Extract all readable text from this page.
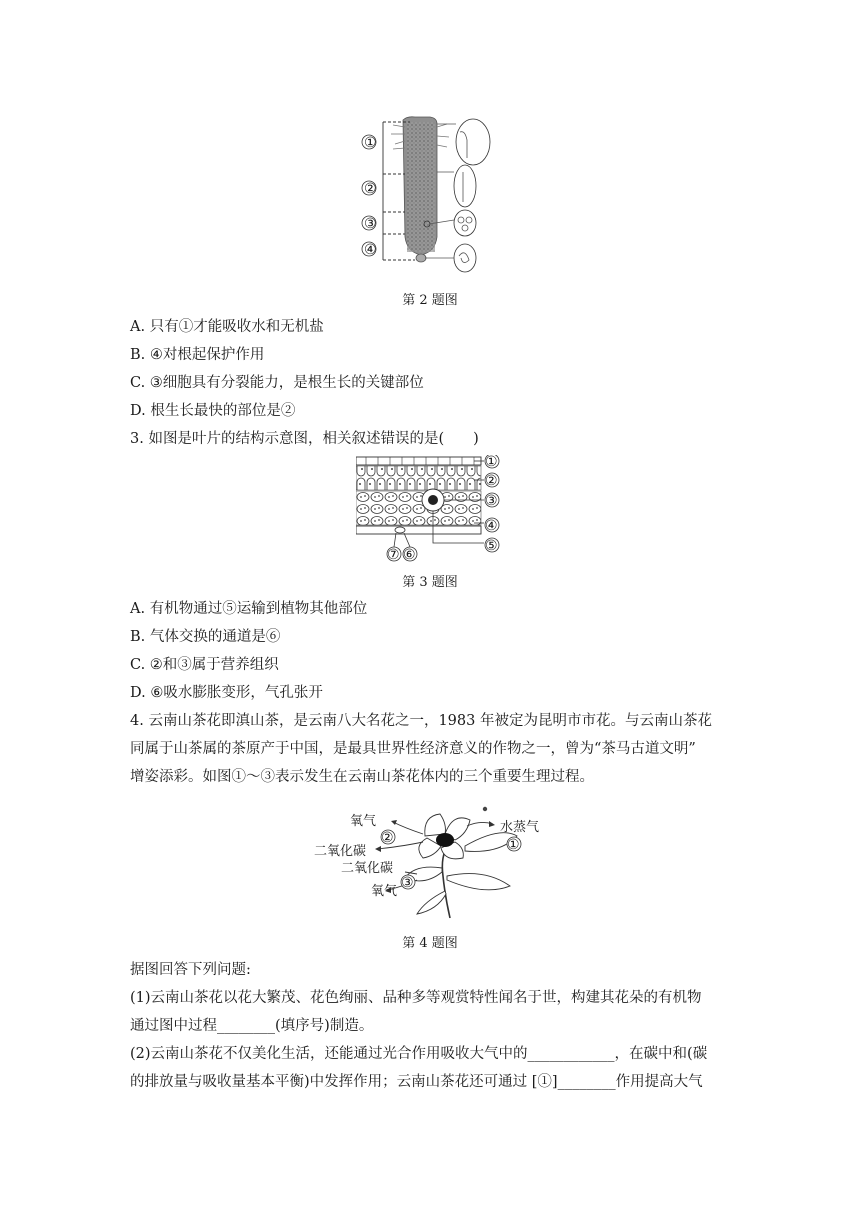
①
②
③
④
第 2 题图
A. 只有①才能吸收水和无机盐
B. ④对根起保护作用
C. ③细胞具有分裂能力，是根生长的关键部位
D. 根生长最快的部位是②
3. 如图是叶片的结构示意图，相关叙述错误的是(　　)
①
②
③
④
⑤
⑦ ⑥
第 3 题图
A. 有机物通过⑤运输到植物其他部位
B. 气体交换的通道是⑥
C. ②和③属于营养组织
D. ⑥吸水膨胀变形，气孔张开
4. 云南山茶花即滇山茶，是云南八大名花之一，1983 年被定为昆明市市花。与云南山茶花
同属于山茶属的茶原产于中国，是最具世界性经济意义的作物之一，曾为“茶马古道文明”
增姿添彩。如图①～③表示发生在云南山茶花体内的三个重要生理过程。
氧气
②
二氧化碳
二氧化碳
③
氧气
水蒸气
①
第 4 题图
据图回答下列问题:
(1)云南山茶花以花大繁茂、花色绚丽、品种多等观赏特性闻名于世，构建其花朵的有机物
通过图中过程________(填序号)制造。
(2)云南山茶花不仅美化生活，还能通过光合作用吸收大气中的____________，在碳中和(碳
的排放量与吸收量基本平衡)中发挥作用；云南山茶花还可通过 [①]________作用提高大气
